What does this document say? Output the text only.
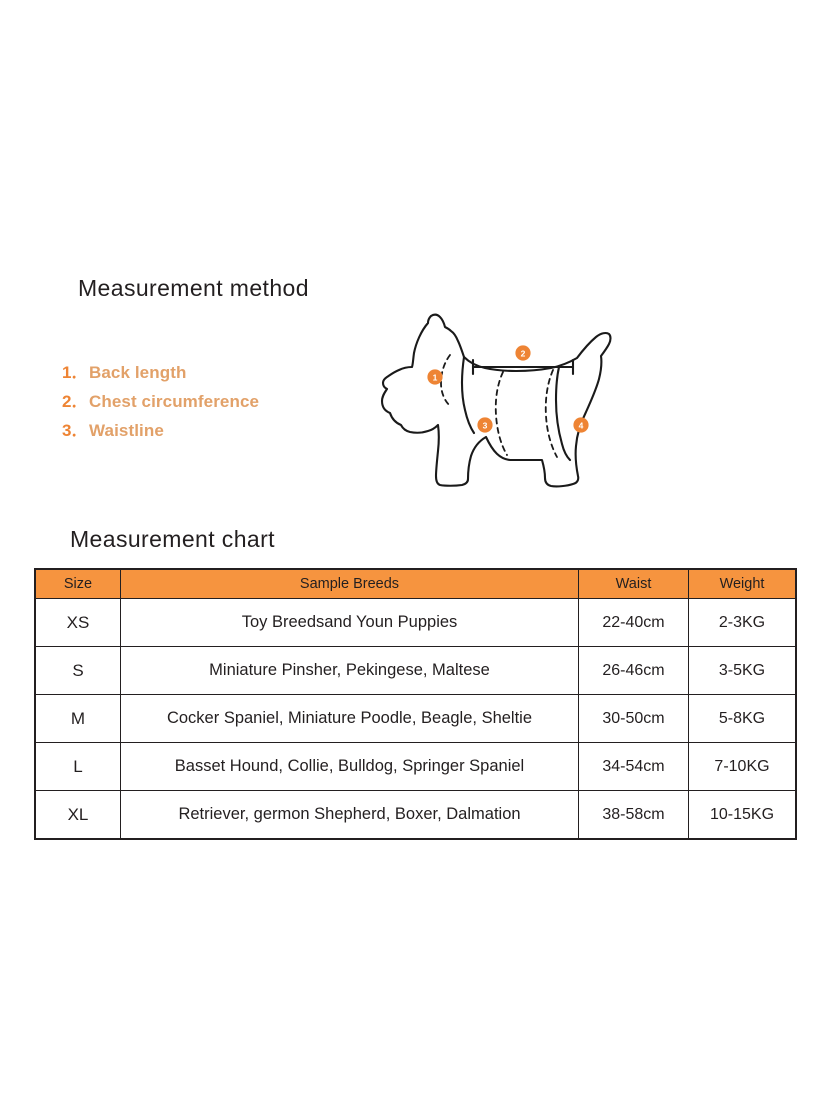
Measurement method
1． Back length
2． Chest circumference
3． Waistline
1
2
3	4
Measurement chart
Size	Sample Breeds	Waist	Weight
XS	Toy Breedsand Youn Puppies	22-40cm	2-3KG
S	Miniature Pinsher, Pekingese, Maltese	26-46cm	3-5KG
M	Cocker Spaniel, Miniature Poodle, Beagle, Sheltie	30-50cm	5-8KG
L	Basset Hound, Collie, Bulldog, Springer Spaniel	34-54cm	7-10KG
XL	Retriever, germon Shepherd, Boxer, Dalmation	38-58cm	10-15KG
